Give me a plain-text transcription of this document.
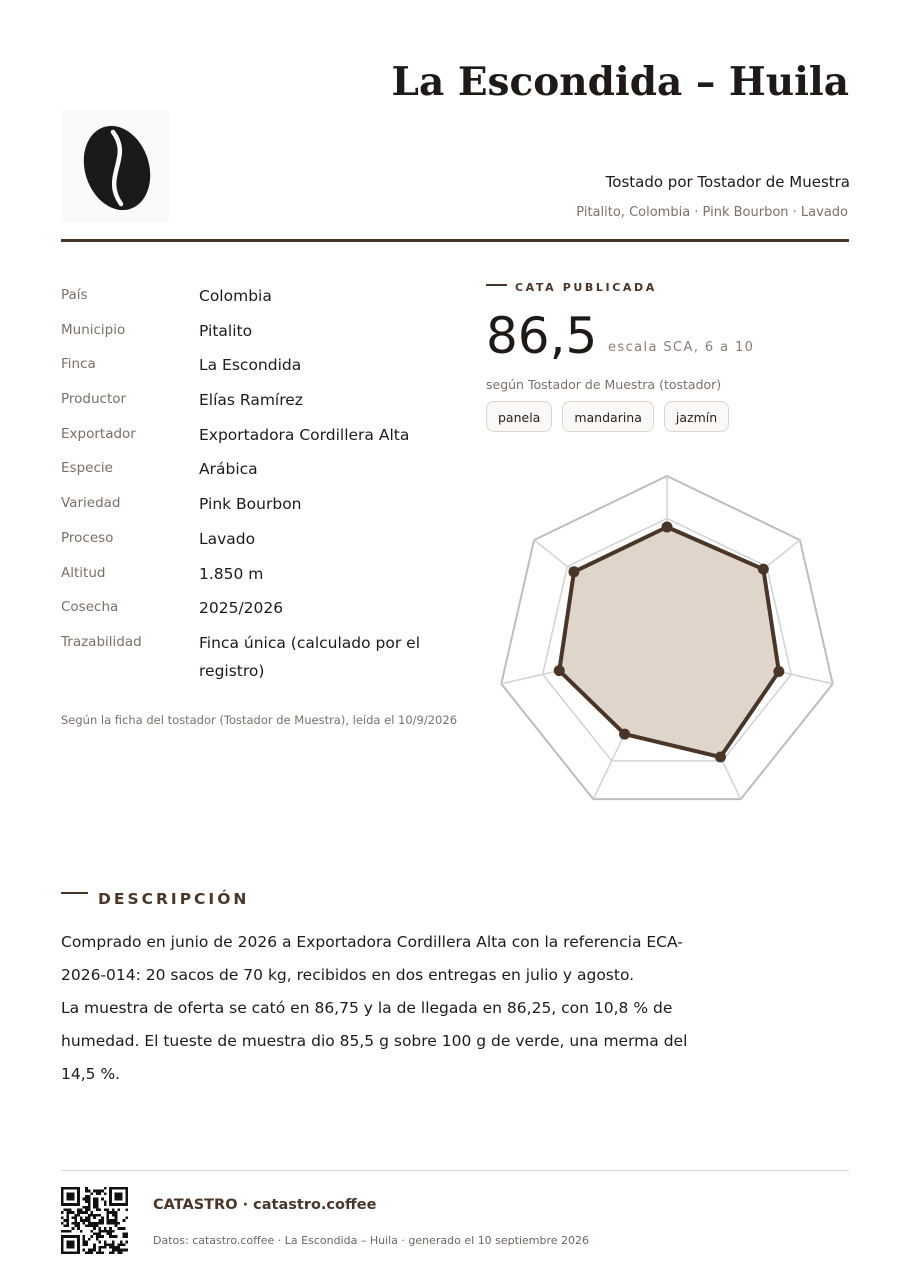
La Escondida – Huila
Tostado por Tostador de Muestra
Pitalito, Colombia · Pink Bourbon · Lavado
País	Colombia
Municipio	Pitalito
Finca	La Escondida
Productor	Elías Ramírez
Exportador	Exportadora Cordillera Alta
Especie	Arábica
Variedad	Pink Bourbon
Proceso	Lavado
Altitud	1.850 m
Cosecha	2025/2026
Trazabilidad	Finca única (calculado por el registro)
Según la ficha del tostador (Tostador de Muestra), leída el 10/9/2026
CATA PUBLICADA
86,5 escala SCA, 6 a 10
según Tostador de Muestra (tostador)
panela	mandarina	jazmín
DESCRIPCIÓN

Comprado en junio de 2026 a Exportadora Cordillera Alta con la referencia ECA-2026-014: 20 sacos de 70 kg, recibidos en dos entregas en julio y agosto.

La muestra de oferta se cató en 86,75 y la de llegada en 86,25, con 10,8 % de humedad. El tueste de muestra dio 85,5 g sobre 100 g de verde, una merma del 14,5 %.

CATASTRO · catastro.coffee
Datos: catastro.coffee · La Escondida – Huila · generado el 10 septiembre 2026
